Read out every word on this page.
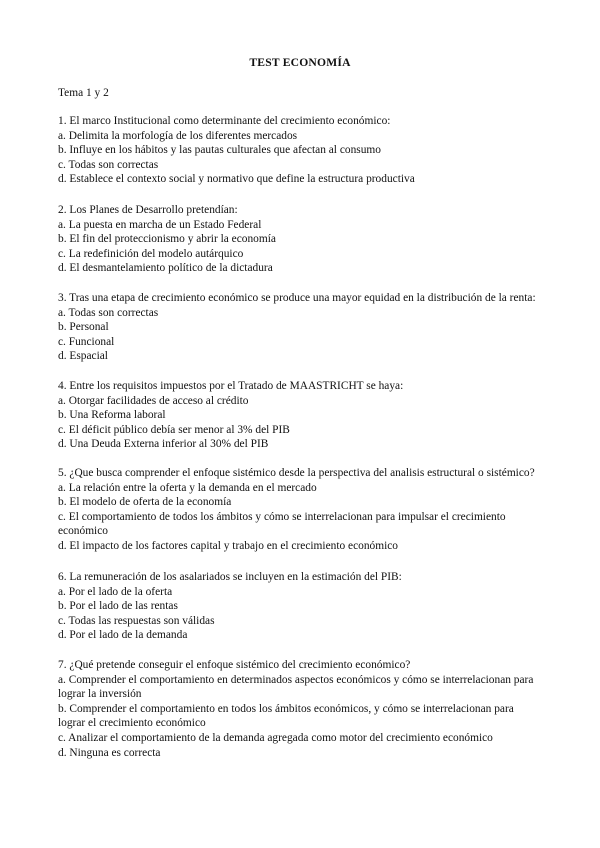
TEST ECONOMÍA
Tema 1 y 2
1. El marco Institucional como determinante del crecimiento económico:
a. Delimita la morfología de los diferentes mercados
b. Influye en los hábitos y las pautas culturales que afectan al consumo
c. Todas son correctas
d. Establece el contexto social y normativo que define la estructura productiva
2. Los Planes de Desarrollo pretendían:
a. La puesta en marcha de un Estado Federal
b. El fin del proteccionismo y abrir la economía
c. La redefinición del modelo autárquico
d. El desmantelamiento político de la dictadura
3. Tras una etapa de crecimiento económico se produce una mayor equidad en la distribución de la renta:
a. Todas son correctas
b. Personal
c. Funcional
d. Espacial
4. Entre los requisitos impuestos por el Tratado de MAASTRICHT se haya:
a. Otorgar facilidades de acceso al crédito
b. Una Reforma laboral
c. El déficit público debía ser menor al 3% del PIB
d. Una Deuda Externa inferior al 30% del PIB
5. ¿Que busca comprender el enfoque sistémico desde la perspectiva del analisis estructural o sistémico?
a. La relación entre la oferta y la demanda en el mercado
b. El modelo de oferta de la economía
c. El comportamiento de todos los ámbitos y cómo se interrelacionan para impulsar el crecimiento económico
d. El impacto de los factores capital y trabajo en el crecimiento económico
6. La remuneración de los asalariados se incluyen en la estimación del PIB:
a. Por el lado de la oferta
b. Por el lado de las rentas
c. Todas las respuestas son válidas
d. Por el lado de la demanda
7. ¿Qué pretende conseguir el enfoque sistémico del crecimiento económico?
a. Comprender el comportamiento en determinados aspectos económicos y cómo se interrelacionan para lograr la inversión
b. Comprender el comportamiento en todos los ámbitos económicos, y cómo se interrelacionan para lograr el crecimiento económico
c. Analizar el comportamiento de la demanda agregada como motor del crecimiento económico
d. Ninguna es correcta
